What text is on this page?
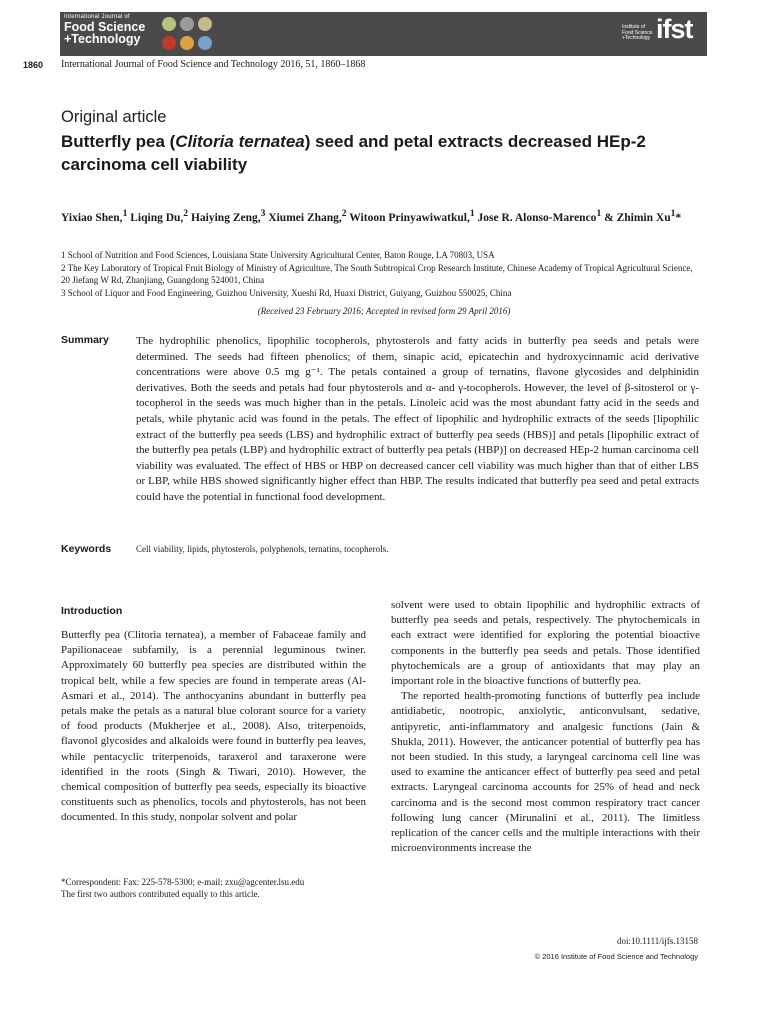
International Journal of
Food Science
+Technology
Institute of
Food Science
+Technology ifst
1860 International Journal of Food Science and Technology 2016, 51, 1860–1868
Original article
Butterfly pea (Clitoria ternatea) seed and petal extracts decreased HEp-2 carcinoma cell viability
Yixiao Shen,$^1$ Liqing Du,$^2$ Haiying Zeng,$^3$ Xiumei Zhang,$^2$ Witoon Prinyawiwatkul,$^1$ Jose R. Alonso-Marenco$^1$ & Zhimin Xu$^1$*
1 School of Nutrition and Food Sciences, Louisiana State University Agricultural Center, Baton Rouge, LA 70803, USA
2 The Key Laboratory of Tropical Fruit Biology of Ministry of Agriculture, The South Subtropical Crop Research Institute, Chinese Academy of Tropical Agricultural Science, 20 Jiefang W Rd, Zhanjiang, Guangdong 524001, China
3 School of Liquor and Food Engineering, Guizhou University, Xueshi Rd, Huaxi District, Guiyang, Guizhou 550025, China
(Received 23 February 2016; Accepted in revised form 29 April 2016)
Summary The hydrophilic phenolics, lipophilic tocopherols, phytosterols and fatty acids in butterfly pea seeds and petals were determined. The seeds had fifteen phenolics; of them, sinapic acid, epicatechin and hydroxycinnamic acid derivative concentrations were above 0.5 mg g⁻¹. The petals contained a group of ternatins, flavone glycosides and delphinidin derivatives. Both the seeds and petals had four phytosterols and α- and γ-tocopherols. However, the level of β-sitosterol or γ-tocopherol in the seeds was much higher than in the petals. Linoleic acid was the most abundant fatty acid in the seeds and petals, while phytanic acid was found in the petals. The effect of lipophilic and hydrophilic extracts of the seeds [lipophilic extract of the butterfly pea seeds (LBS) and hydrophilic extract of butterfly pea seeds (HBS)] and petals [lipophilic extract of the butterfly pea petals (LBP) and hydrophilic extract of butterfly pea petals (HBP)] on decreased HEp-2 human carcinoma cell viability was evaluated. The effect of HBS or HBP on decreased cancer cell viability was much higher than that of either LBS or LBP, while HBS showed significantly higher effect than HBP. The results indicated that butterfly pea seed and petal extracts could have the potential in functional food development.
Keywords	Cell viability, lipids, phytosterols, polyphenols, ternatins, tocopherols.
Introduction
Butterfly pea (Clitoria ternatea), a member of Fabaceae family and Papilionaceae subfamily, is a perennial leguminous twiner. Approximately 60 butterfly pea species are distributed within the tropical belt, while a few species are found in temperate areas (Al-Asmari et al., 2014). The anthocyanins abundant in butterfly pea petals make the petals as a natural blue colorant source for a variety of food products (Mukherjee et al., 2008). Also, triterpenoids, flavonol glycosides and alkaloids were found in butterfly pea leaves, while pentacyclic triterpenoids, taraxerol and taraxerone were identified in the roots (Singh & Tiwari, 2010). However, the chemical composition of butterfly pea seeds, especially its bioactive constituents such as phenolics, tocols and phytosterols, has not been documented. In this study, nonpolar solvent and polar

solvent were used to obtain lipophilic and hydrophilic extracts of butterfly pea seeds and petals, respectively. The phytochemicals in each extract were identified for exploring the potential bioactive components in the butterfly pea seeds and petals. Those identified phytochemicals are a group of antioxidants that may play an important role in the bioactive functions of butterfly pea.

The reported health-promoting functions of butterfly pea include antidiabetic, nootropic, anxiolytic, anticonvulsant, sedative, antipyretic, anti-inflammatory and analgesic functions (Jain & Shukla, 2011). However, the anticancer potential of butterfly pea has not been studied. In this study, a laryngeal carcinoma cell line was used to examine the anticancer effect of butterfly pea seed and petal extracts. Laryngeal carcinoma accounts for 25% of head and neck carcinoma and is the second most common respiratory tract cancer following lung cancer (Mirunalini et al., 2011). The limitless replication of the cancer cells and the multiple interactions with their microenvironments increase the

*Correspondent: Fax: 225-578-5300; e-mail: zxu@agcenter.lsu.edu
The first two authors contributed equally to this article.
doi:10.1111/ijfs.13158
© 2016 Institute of Food Science and Technology
